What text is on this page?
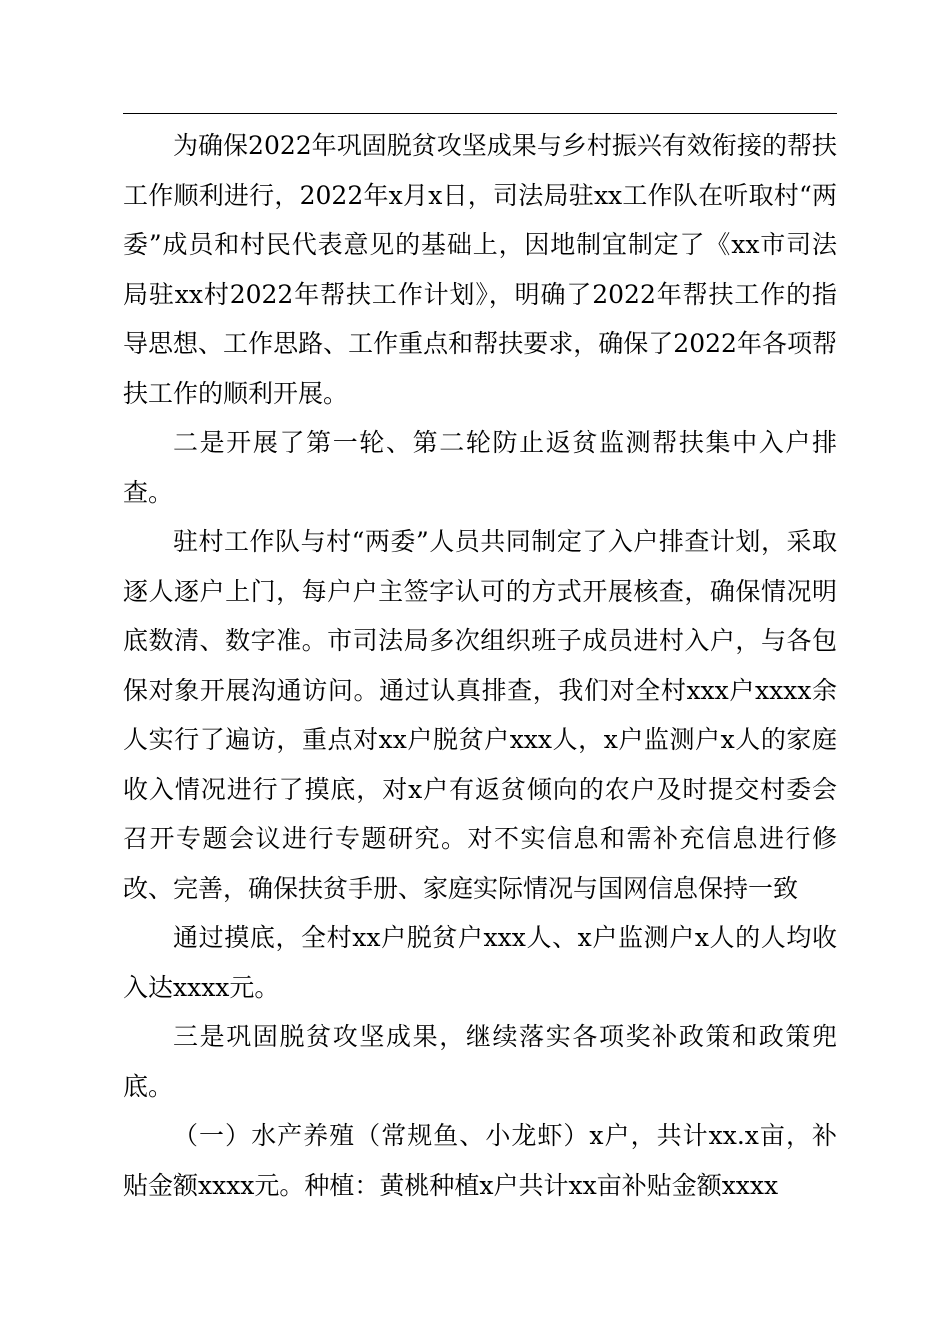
为确保2022年巩固脱贫攻坚成果与乡村振兴有效衔接的帮扶工作顺利进行，2022年x月x日，司法局驻xx工作队在听取村“两委”成员和村民代表意见的基础上，因地制宜制定了《xx市司法局驻xx村2022年帮扶工作计划》，明确了2022年帮扶工作的指导思想、工作思路、工作重点和帮扶要求，确保了2022年各项帮扶工作的顺利开展。

二是开展了第一轮、第二轮防止返贫监测帮扶集中入户排查。

驻村工作队与村“两委”人员共同制定了入户排查计划，采取逐人逐户上门，每户户主签字认可的方式开展核查，确保情况明底数清、数字准。市司法局多次组织班子成员进村入户，与各包保对象开展沟通访问。通过认真排查，我们对全村xxx户xxxx余人实行了遍访，重点对xx户脱贫户xxx人，x户监测户x人的家庭收入情况进行了摸底，对x户有返贫倾向的农户及时提交村委会召开专题会议进行专题研究。对不实信息和需补充信息进行修改、完善，确保扶贫手册、家庭实际情况与国网信息保持一致

通过摸底，全村xx户脱贫户xxx人、x户监测户x人的人均收入达xxxx元。

三是巩固脱贫攻坚成果，继续落实各项奖补政策和政策兜底。

（一）水产养殖（常规鱼、小龙虾）x户，共计xx.x亩，补贴金额xxxx元。种植：黄桃种植x户共计xx亩补贴金额xxxx
